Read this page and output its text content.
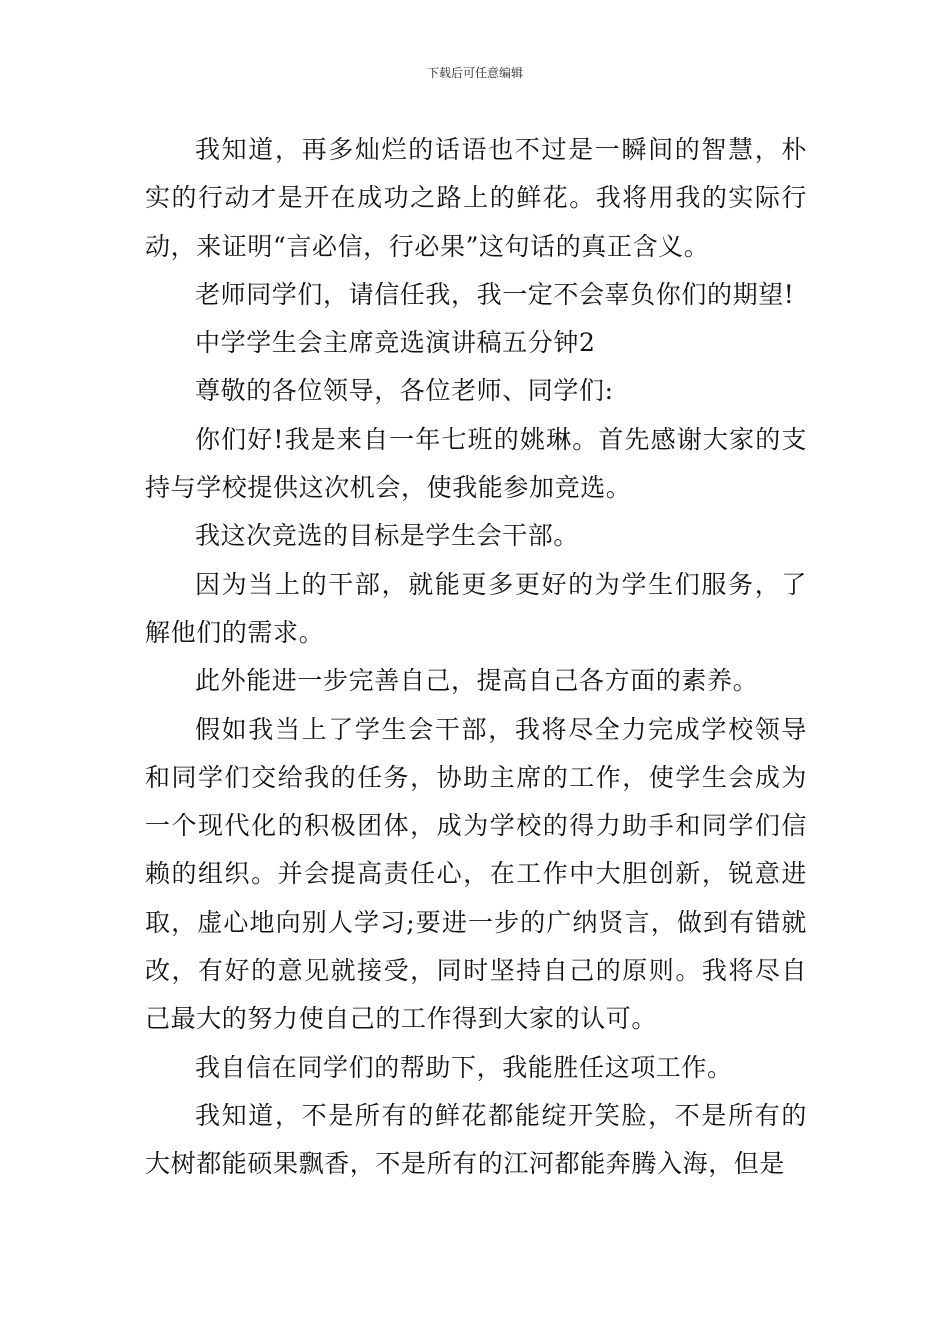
下载后可任意编辑

我知道，再多灿烂的话语也不过是一瞬间的智慧，朴实的行动才是开在成功之路上的鲜花。我将用我的实际行动，来证明“言必信，行必果”这句话的真正含义。

老师同学们，请信任我，我一定不会辜负你们的期望!

中学学生会主席竞选演讲稿五分钟2

尊敬的各位领导，各位老师、同学们:

你们好!我是来自一年七班的姚琳。首先感谢大家的支持与学校提供这次机会，使我能参加竞选。

我这次竞选的目标是学生会干部。

因为当上的干部，就能更多更好的为学生们服务，了解他们的需求。

此外能进一步完善自己，提高自己各方面的素养。

假如我当上了学生会干部，我将尽全力完成学校领导和同学们交给我的任务，协助主席的工作，使学生会成为一个现代化的积极团体，成为学校的得力助手和同学们信赖的组织。并会提高责任心，在工作中大胆创新，锐意进取，虚心地向别人学习;要进一步的广纳贤言，做到有错就改，有好的意见就接受，同时坚持自己的原则。我将尽自己最大的努力使自己的工作得到大家的认可。

我自信在同学们的帮助下，我能胜任这项工作。

我知道，不是所有的鲜花都能绽开笑脸，不是所有的大树都能硕果飘香，不是所有的江河都能奔腾入海，但是
